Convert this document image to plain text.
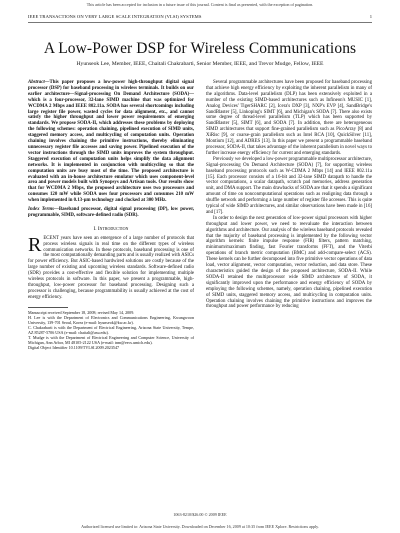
This article has been accepted for inclusion in a future issue of this journal. Content is final as presented, with the exception of pagination.
IEEE TRANSACTIONS ON VERY LARGE SCALE INTEGRATION (VLSI) SYSTEMS	1
A Low-Power DSP for Wireless Communications
Hyunseok Lee, Member, IEEE, Chaitali Chakrabarti, Senior Member, IEEE, and Trevor Mudge, Fellow, IEEE
Abstract—This paper proposes a low-power high-throughput digital signal processor (DSP) for baseband processing in wireless terminals. It builds on our earlier architecture—Signal-processing On Demand Architecture (SODA)—which is a four-processor, 32-lane SIMD machine that was optimized for WCDMA 2 Mbps and IEEE 802.11a. SODA has several shortcomings including large register file power, wasted cycles for data alignment, etc., and cannot satisfy the higher throughput and lower power requirements of emerging standards. We propose SODA-II, which addresses these problems by deploying the following schemes: operation chaining, pipelined execution of SIMD units, staggered memory access, and multicycling of computation units. Operation chaining involves chaining the primitive instructions, thereby eliminating unnecessary register file accesses and saving power. Pipelined execution of the vector instructions through the SIMD units improves the system throughput. Staggered execution of computation units helps simplify the data alignment networks. It is implemented in conjunction with multicycling so that the computation units are busy most of the time. The proposed architecture is evaluated with an in-house architecture emulator which uses component-level area and power models built with Synopsys and Artisan tools. Our results show that for WCDMA 2 Mbps, the proposed architecture uses two processors and consumes 120 mW while SODA uses four processors and consumes 210 mW when implemented in 0.13-μm technology and clocked at 300 MHz.
Index Terms—Baseband processor, digital signal processing (DP), low power, programmable, SIMD, software-defined radio (SDR).
I. Introduction

RECENT years have seen an emergence of a large number of protocols that process wireless signals in real time on the different types of wireless communication networks. In these protocols, baseband processing is one of the most computationally demanding parts and is usually realized with ASICs for power efficiency. But ASIC-based hardwired solutions are costly because of the large number of existing and upcoming wireless standards. Software-defined radio (SDR) provides a cost-effective and flexible solution for implementing multiple wireless protocols in software. In this paper, we present a programmable, high-throughput, low-power processor for baseband processing. Designing such a processor is challenging, because programmability is usually achieved at the cost of energy efficiency.

Manuscript received September 18, 2008; revised May 14, 2009.

H. Lee is with the Department of Electronics and Communications Engineering, Kwangwoon University, 139-701 Seoul, Korea (e-mail: hyunseok@kw.ac.kr).

C. Chakrabarti is with the Department of Electrical Engineering, Arizona State University, Tempe, AZ 85287-5706 USA (e-mail: chaitali@asu.edu).

T. Mudge is with the Department of Electrical Engineering and Computer Science, University of Michigan, Ann Arbor, MI 48105-2122 USA (e-mail: tnm@eecs.umich.edu).

Digital Object Identifier 10.1109/TVLSI.2009.2023547

Several programmable architectures have been proposed for baseband processing that achieve high energy efficiency by exploiting the inherent parallelism in many of the algorithms. Data-level parallelism (DLP) has been extensively exploited in a number of the existing SIMD-based architectures such as Infineon's MUSIC [1], Analog Devices' TigerSHARC [2], Icera's DXP [3], NXP's EVP [4], SandBridge's SandBlaster [5], Linkoping's SIMT [6], and Michigan's SODA [7]. There also exists some degree of thread-level parallelism (TLP) which has been supported by SandBlaster [5], SIMT [6], and SODA [7]. In addition, there are heterogeneous SIMD architectures that support fine-grained parallelism such as PicoArray [8] and XiRisc [9], or coarse-grain parallelism such as Intel RCA [10], QuickSilver [11], Montium [12], and ADRES [13]. In this paper we present a programmable baseband processor, SODA-II, that takes advantage of the inherent parallelism in novel ways to further increase energy efficiency for current and emerging standards.

Previously we developed a low-power programmable multiprocessor architecture, Signal-processing On Demand Architecture (SODA) [7], for supporting wireless baseband processing protocols such as W-CDMA 2 Mbps [14] and IEEE 802.11a [15]. Each processor consists of a 16-bit and 32-lane SIMD datapath to handle the vector computations, a scalar datapath, scratch pad memories, address generation unit, and DMA support. The main drawbacks of SODA are that it spends a significant amount of time on nonconmputational operations such as realigning data through a shuffle network and performing a large number of register file accesses. This is quite typical of wide SIMD architectures, and similar observations have been made in [16] and [17].

In order to design the next generation of low-power signal processors with higher throughput and lower power, we need to reevaluate the interaction between algorithms and architecture. Our analysis of the wireless baseband protocols revealed that the majority of baseband processing is implemented by the following vector algorithm kernels: finite impulse response (FIR) filters, pattern matching, minimum/maximum finding, fast Fourier transforms (FFT), and the Viterbi operations of branch metric computation (BMC) and add-compare-select (ACS). These kernels can be further decomposed into five primitive vector operations of data load, vector alignment, vector computation, vector reduction, and data store. These characteristics guided the design of the proposed architecture, SODA-II. While SODA-II retained the multiprocessor wide SIMD architecture of SODA, it significantly improved upon the performance and energy efficiency of SODA by employing the following schemes, namely, operation chaining, pipelined execution of SIMD units, staggered memory access, and multicycling in computation units. Operation chaining involves chaining the primitive instructions and improves the throughput and power performance by reducing

1063-8210/$26.00 © 2009 IEEE
Authorized licensed use limited to: Arizona State University. Downloaded on December 16, 2009 at 10:35 from IEEE Xplore. Restrictions apply.
